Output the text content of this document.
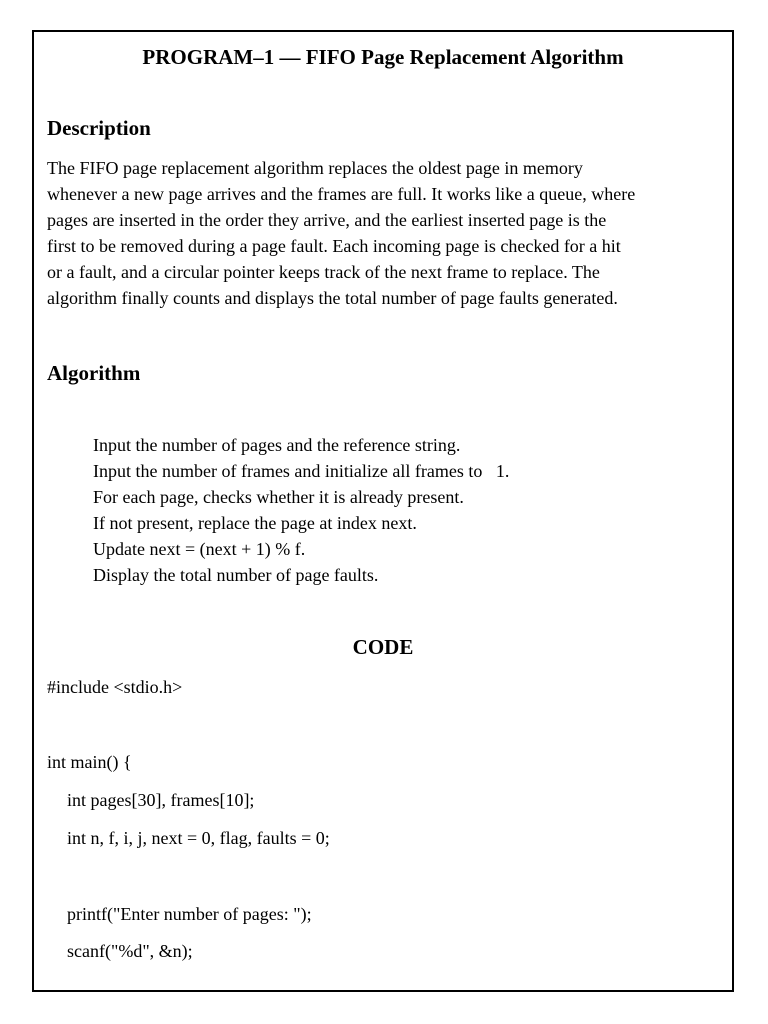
PROGRAM–1 — FIFO Page Replacement Algorithm
Description
The FIFO page replacement algorithm replaces the oldest page in memory
whenever a new page arrives and the frames are full. It works like a queue, where
pages are inserted in the order they arrive, and the earliest inserted page is the
first to be removed during a page fault. Each incoming page is checked for a hit
or a fault, and a circular pointer keeps track of the next frame to replace. The
algorithm finally counts and displays the total number of page faults generated.
Algorithm
Input the number of pages and the reference string.
Input the number of frames and initialize all frames to   1.
For each page, checks whether it is already present.
If not present, replace the page at index next.
Update next = (next + 1) % f.
Display the total number of page faults.
CODE
#include <stdio.h>
int main() {
int pages[30], frames[10];
int n, f, i, j, next = 0, flag, faults = 0;
printf("Enter number of pages: ");
scanf("%d", &n);
